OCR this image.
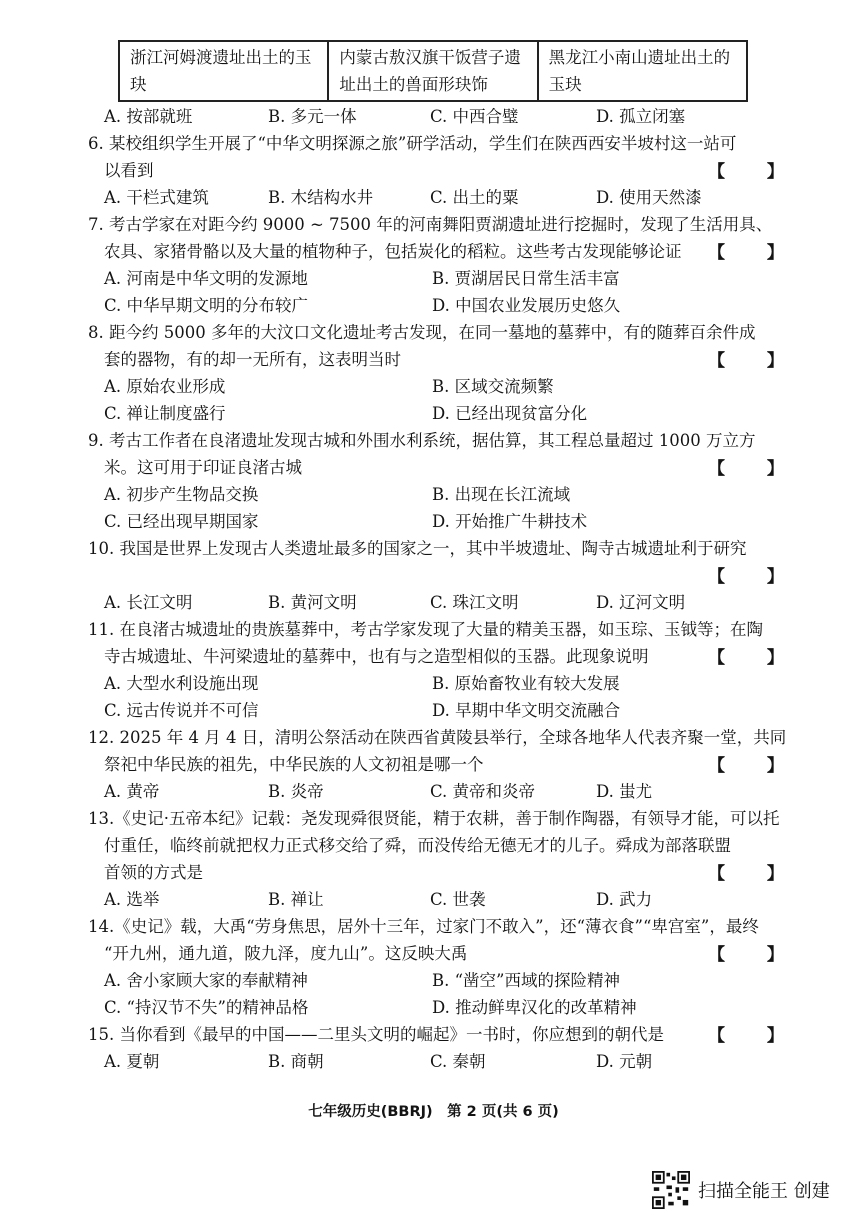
浙江河姆渡遗址出土的玉
玦

内蒙古敖汉旗干饭营子遗
址出土的兽面形玦饰

黑龙江小南山遗址出土的
玉玦
A. 按部就班	B. 多元一体	C. 中西合璧	D. 孤立闭塞
6. 某校组织学生开展了“中华文明探源之旅”研学活动，学生们在陕西西安半坡村这一站可
以看到	【 】
A. 干栏式建筑	B. 木结构水井	C. 出土的粟	D. 使用天然漆
7. 考古学家在对距今约 9000 ~ 7500 年的河南舞阳贾湖遗址进行挖掘时，发现了生活用具、
农具、家猪骨骼以及大量的植物种子，包括炭化的稻粒。这些考古发现能够论证	【 】
A. 河南是中华文明的发源地	B. 贾湖居民日常生活丰富
C. 中华早期文明的分布较广	D. 中国农业发展历史悠久
8. 距今约 5000 多年的大汶口文化遗址考古发现，在同一墓地的墓葬中，有的随葬百余件成
套的器物，有的却一无所有，这表明当时	【 】
A. 原始农业形成	B. 区域交流频繁
C. 禅让制度盛行	D. 已经出现贫富分化
9. 考古工作者在良渚遗址发现古城和外围水利系统，据估算，其工程总量超过 1000 万立方
米。这可用于印证良渚古城	【 】
A. 初步产生物品交换	B. 出现在长江流域
C. 已经出现早期国家	D. 开始推广牛耕技术
10. 我国是世界上发现古人类遗址最多的国家之一，其中半坡遗址、陶寺古城遗址利于研究
【 】
A. 长江文明	B. 黄河文明	C. 珠江文明	D. 辽河文明
11. 在良渚古城遗址的贵族墓葬中，考古学家发现了大量的精美玉器，如玉琮、玉钺等；在陶
寺古城遗址、牛河梁遗址的墓葬中，也有与之造型相似的玉器。此现象说明	【 】
A. 大型水利设施出现	B. 原始畜牧业有较大发展
C. 远古传说并不可信	D. 早期中华文明交流融合
12. 2025 年 4 月 4 日，清明公祭活动在陕西省黄陵县举行，全球各地华人代表齐聚一堂，共同
祭祀中华民族的祖先，中华民族的人文初祖是哪一个	【 】
A. 黄帝	B. 炎帝	C. 黄帝和炎帝	D. 蚩尤
13.《史记·五帝本纪》记载：尧发现舜很贤能，精于农耕，善于制作陶器，有领导才能，可以托
付重任，临终前就把权力正式移交给了舜，而没传给无德无才的儿子。舜成为部落联盟
首领的方式是	【 】
A. 选举	B. 禅让	C. 世袭	D. 武力
14.《史记》载，大禹“劳身焦思，居外十三年，过家门不敢入”，还“薄衣食”“卑宫室”，最终
“开九州，通九道，陂九泽，度九山”。这反映大禹	【 】
A. 舍小家顾大家的奉献精神	B. “凿空”西域的探险精神
C. “持汉节不失”的精神品格	D. 推动鲜卑汉化的改革精神
15. 当你看到《最早的中国——二里头文明的崛起》一书时，你应想到的朝代是	【 】
A. 夏朝	B. 商朝	C. 秦朝	D. 元朝
七年级历史(BBRJ)　第 2 页(共 6 页)
扫描全能王 创建
